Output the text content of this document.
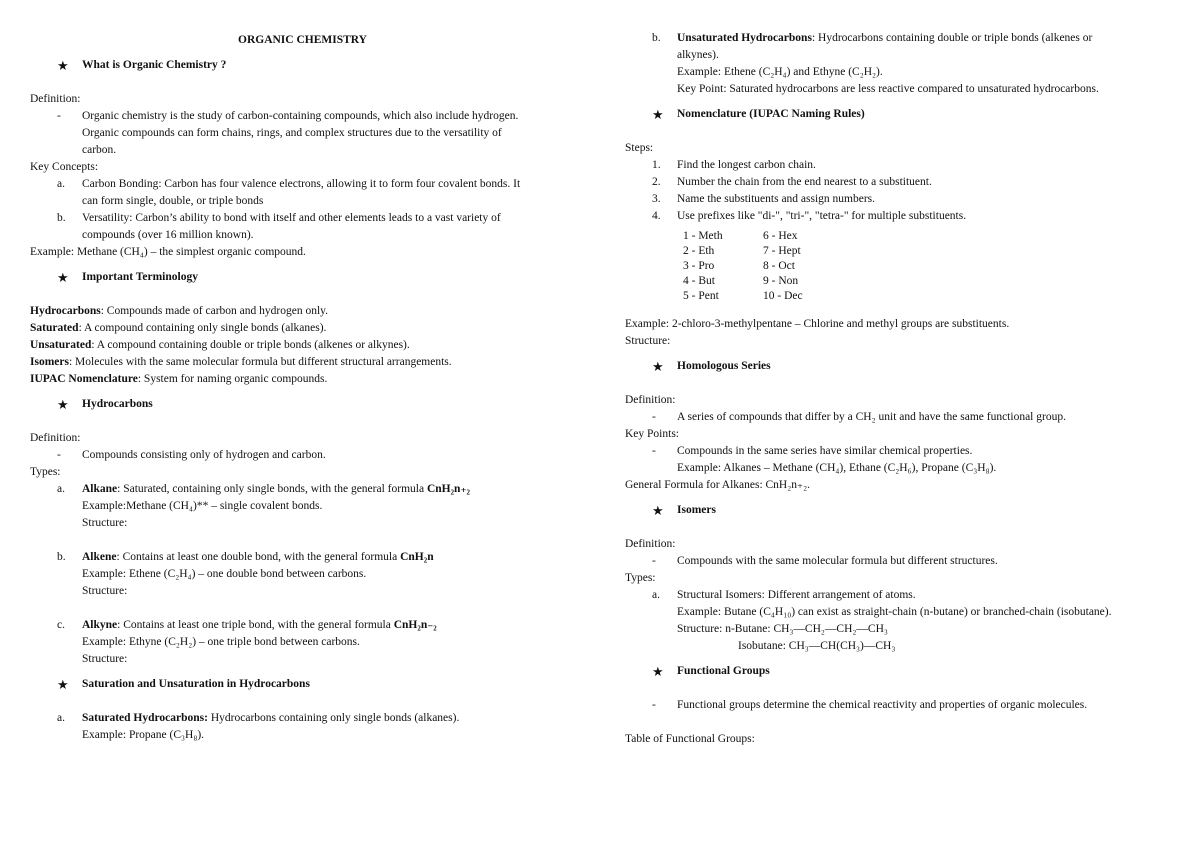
ORGANIC CHEMISTRY
★ What is Organic Chemistry ?
Definition:
- Organic chemistry is the study of carbon-containing compounds, which also include hydrogen.
Organic compounds can form chains, rings, and complex structures due to the versatility of
carbon.
Key Concepts:
a. Carbon Bonding: Carbon has four valence electrons, allowing it to form four covalent bonds. It
can form single, double, or triple bonds
b. Versatility: Carbon’s ability to bond with itself and other elements leads to a vast variety of
compounds (over 16 million known).
Example: Methane (CH₄) – the simplest organic compound.
★ Important Terminology
Hydrocarbons: Compounds made of carbon and hydrogen only.
Saturated: A compound containing only single bonds (alkanes).
Unsaturated: A compound containing double or triple bonds (alkenes or alkynes).
Isomers: Molecules with the same molecular formula but different structural arrangements.
IUPAC Nomenclature: System for naming organic compounds.
★ Hydrocarbons
Definition:
- Compounds consisting only of hydrogen and carbon.
Types:
a. Alkane: Saturated, containing only single bonds, with the general formula CnH₂n₊₂
Example:Methane (CH₄)** – single covalent bonds.
Structure:
b. Alkene: Contains at least one double bond, with the general formula CnH₂n
Example: Ethene (C₂H₄) – one double bond between carbons.
Structure:
c. Alkyne: Contains at least one triple bond, with the general formula CnH₂n₋₂
Example: Ethyne (C₂H₂) – one triple bond between carbons.
Structure:
★ Saturation and Unsaturation in Hydrocarbons
a. Saturated Hydrocarbons: Hydrocarbons containing only single bonds (alkanes).
Example: Propane (C₃H₈).
b. Unsaturated Hydrocarbons: Hydrocarbons containing double or triple bonds (alkenes or
alkynes).
Example: Ethene (C₂H₄) and Ethyne (C₂H₂).
Key Point: Saturated hydrocarbons are less reactive compared to unsaturated hydrocarbons.
★ Nomenclature (IUPAC Naming Rules)
Steps:
1. Find the longest carbon chain.
2. Number the chain from the end nearest to a substituent.
3. Name the substituents and assign numbers.
4. Use prefixes like "di-", "tri-", "tetra-" for multiple substituents.
1 - Meth	6 - Hex
2 - Eth	7 - Hept
3 - Pro	8 - Oct
4 - But	9 - Non
5 - Pent	10 - Dec
Example: 2-chloro-3-methylpentane – Chlorine and methyl groups are substituents.
Structure:
★ Homologous Series
Definition:
- A series of compounds that differ by a CH₂ unit and have the same functional group.
Key Points:
- Compounds in the same series have similar chemical properties.
Example: Alkanes – Methane (CH₄), Ethane (C₂H₆), Propane (C₃H₈).
General Formula for Alkanes: CnH₂n₊₂.
★ Isomers
Definition:
- Compounds with the same molecular formula but different structures.
Types:
a. Structural Isomers: Different arrangement of atoms.
Example: Butane (C₄H₁₀) can exist as straight-chain (n-butane) or branched-chain (isobutane).
Structure: n-Butane: CH₃—CH₂—CH₂—CH₃
Isobutane: CH₃—CH(CH₃)—CH₃
★ Functional Groups
- Functional groups determine the chemical reactivity and properties of organic molecules.
Table of Functional Groups:
